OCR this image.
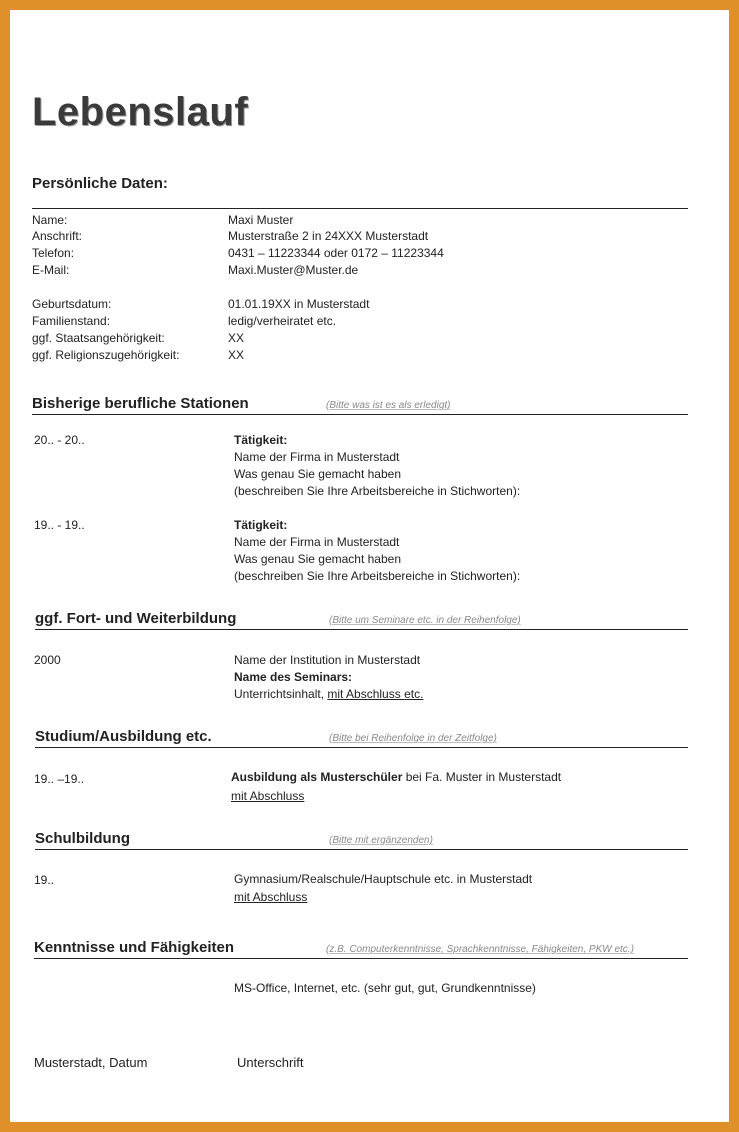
Lebenslauf
Persönliche Daten:
Name:	Maxi Muster
Anschrift:	Musterstraße 2 in 24XXX Musterstadt
Telefon:	0431 – 11223344 oder 0172 – 11223344
E-Mail:	Maxi.Muster@Muster.de
Geburtsdatum:	01.01.19XX in Musterstadt
Familienstand:	ledig/verheiratet etc.
ggf. Staatsangehörigkeit:	XX
ggf. Religionszugehörigkeit:	XX
Bisherige berufliche Stationen	(Bitte was ist es als erledigt)
20.. - 20..	Tätigkeit:
Name der Firma in Musterstadt
Was genau Sie gemacht haben
(beschreiben Sie Ihre Arbeitsbereiche in Stichworten):
19.. - 19..	Tätigkeit:
Name der Firma in Musterstadt
Was genau Sie gemacht haben
(beschreiben Sie Ihre Arbeitsbereiche in Stichworten):
ggf. Fort- und Weiterbildung	(Bitte um Seminare etc. in der Reihenfolge)
2000	Name der Institution in Musterstadt
Name des Seminars:
Unterrichtsinhalt, mit Abschluss etc.
Studium/Ausbildung etc.	(Bitte bei Reihenfolge in der Zeitfolge)
19.. –19..	Ausbildung als Musterschüler bei Fa. Muster in Musterstadt
mit Abschluss
Schulbildung	(Bitte mit ergänzenden)
19..	Gymnasium/Realschule/Hauptschule etc. in Musterstadt
mit Abschluss
Kenntnisse und Fähigkeiten	(z.B. Computerkenntnisse, Sprachkenntnisse, Fähigkeiten, PKW etc.)
MS-Office, Internet, etc. (sehr gut, gut, Grundkenntnisse)
Musterstadt, Datum	Unterschrift
